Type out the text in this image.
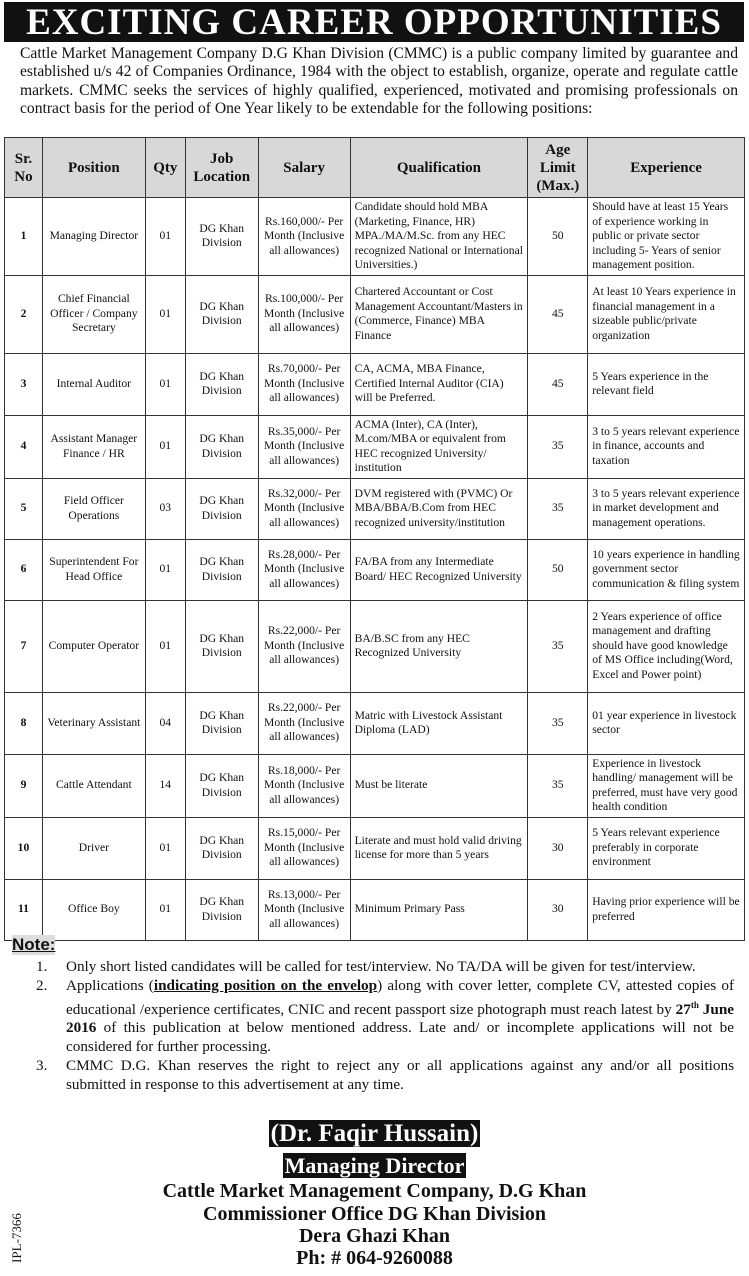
EXCITING CAREER OPPORTUNITIES
Cattle Market Management Company D.G Khan Division (CMMC) is a public company limited by guarantee and established u/s 42 of Companies Ordinance, 1984 with the object to establish, organize, operate and regulate cattle markets. CMMC seeks the services of highly qualified, experienced, motivated and promising professionals on contract basis for the period of One Year likely to be extendable for the following positions:
Sr. No	Position	Qty	Job Location	Salary	Qualification	Age Limit (Max.)	Experience
1	Managing Director	01	DG Khan Division	Rs.160,000/- Per Month (Inclusive all allowances)	Candidate should hold MBA (Marketing, Finance, HR) MPA./MA/M.Sc. from any HEC recognized National or International Universities.)	50	Should have at least 15 Years of experience working in public or private sector including 5- Years of senior management position.
2	Chief Financial Officer / Company Secretary	01	DG Khan Division	Rs.100,000/- Per Month (Inclusive all allowances)	Chartered Accountant or Cost Management Accountant/Masters in (Commerce, Finance) MBA Finance	45	At least 10 Years experience in financial management in a sizeable public/private organization
3	Internal Auditor	01	DG Khan Division	Rs.70,000/- Per Month (Inclusive all allowances)	CA, ACMA, MBA Finance, Certified Internal Auditor (CIA) will be Preferred.	45	5 Years experience in the relevant field
4	Assistant Manager Finance / HR	01	DG Khan Division	Rs.35,000/- Per Month (Inclusive all allowances)	ACMA (Inter), CA (Inter), M.com/MBA or equivalent from HEC recognized University/ institution	35	3 to 5 years relevant experience in finance, accounts and taxation
5	Field Officer Operations	03	DG Khan Division	Rs.32,000/- Per Month (Inclusive all allowances)	DVM registered with (PVMC) Or MBA/BBA/B.Com from HEC recognized university/institution	35	3 to 5 years relevant experience in market development and management operations.
6	Superintendent For Head Office	01	DG Khan Division	Rs.28,000/- Per Month (Inclusive all allowances)	FA/BA from any Intermediate Board/ HEC Recognized University	50	10 years experience in handling government sector communication & filing system
7	Computer Operator	01	DG Khan Division	Rs.22,000/- Per Month (Inclusive all allowances)	BA/B.SC from any HEC Recognized University	35	2 Years experience of office management and drafting should have good knowledge of MS Office including(Word, Excel and Power point)
8	Veterinary Assistant	04	DG Khan Division	Rs.22,000/- Per Month (Inclusive all allowances)	Matric with Livestock Assistant Diploma (LAD)	35	01 year experience in livestock sector
9	Cattle Attendant	14	DG Khan Division	Rs.18,000/- Per Month (Inclusive all allowances)	Must be literate	35	Experience in livestock handling/ management will be preferred, must have very good health condition
10	Driver	01	DG Khan Division	Rs.15,000/- Per Month (Inclusive all allowances)	Literate and must hold valid driving license for more than 5 years	30	5 Years relevant experience preferably in corporate environment
11	Office Boy	01	DG Khan Division	Rs.13,000/- Per Month (Inclusive all allowances)	Minimum Primary Pass	30	Having prior experience will be preferred
Note:
1. Only short listed candidates will be called for test/interview. No TA/DA will be given for test/interview.
2. Applications (indicating position on the envelop) along with cover letter, complete CV, attested copies of educational /experience certificates, CNIC and recent passport size photograph must reach latest by 27th June 2016 of this publication at below mentioned address. Late and/ or incomplete applications will not be considered for further processing.
3. CMMC D.G. Khan reserves the right to reject any or all applications against any and/or all positions submitted in response to this advertisement at any time.
(Dr. Faqir Hussain)
Managing Director
Cattle Market Management Company, D.G Khan
Commissioner Office DG Khan Division
Dera Ghazi Khan
Ph: # 064-9260088
IPL-7366
